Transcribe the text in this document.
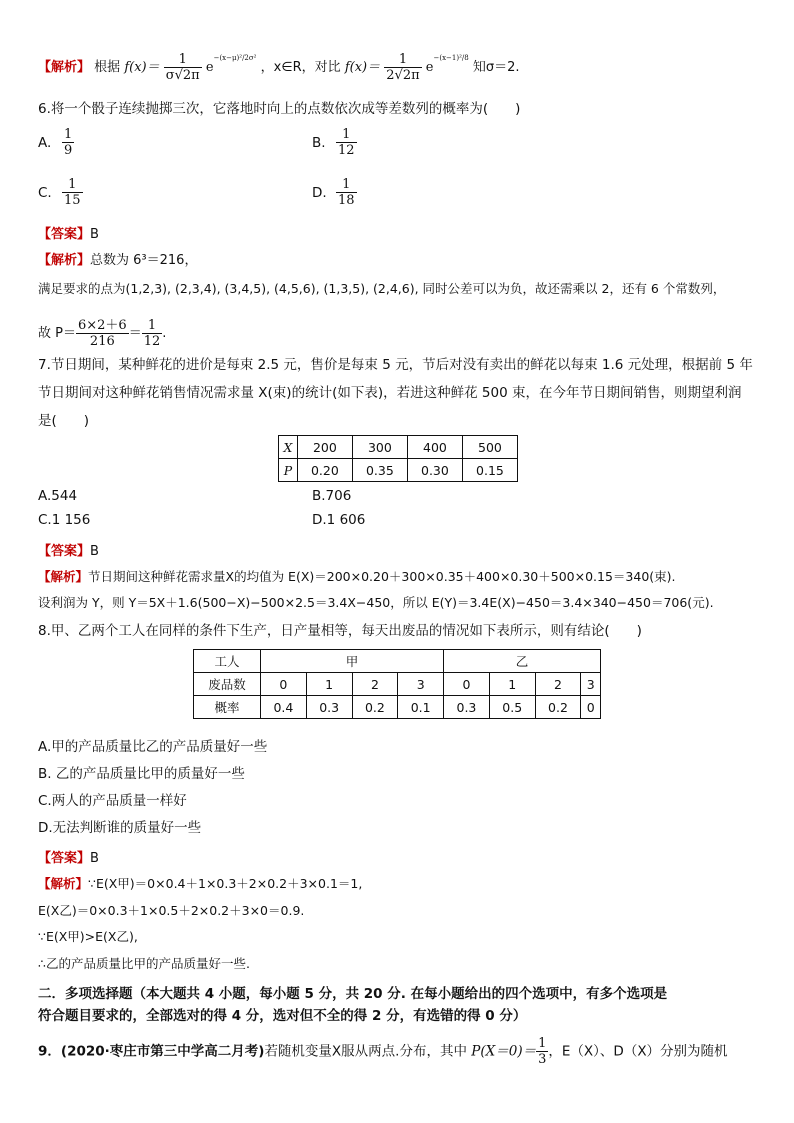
【解析】 根据 $f(x)= \frac{1}{\sigma√2\pi} e^{-(x-\mu)^2/2\sigma^2}$ ，x∈R，对比 $f(x)= \frac{1}{2√2\pi} e^{-(x-1)^2/8}$ 知σ＝2.
6.将一个骰子连续抛掷三次，它落地时向上的点数依次成等差数列的概率为(　　)
A. $\frac{1}{9}$	B. $\frac{1}{12}$
C. $\frac{1}{15}$	D. $\frac{1}{18}$
【答案】B
【解析】总数为 6³＝216，
满足要求的点为(1,2,3), (2,3,4), (3,4,5), (4,5,6), (1,3,5), (2,4,6), 同时公差可以为负，故还需乘以 2，还有 6 个常数列，
故 $P= \frac{6\times 2+6}{216} = \frac{1}{12}$ .
7.节日期间，某种鲜花的进价是每束 2.5 元，售价是每束 5 元，节后对没有卖出的鲜花以每束 1.6 元处理，根据前 5 年
节日期间对这种鲜花销售情况需求量 X(束)的统计(如下表)，若进这种鲜花 500 束，在今年节日期间销售，则期望利润
是(　　)
X	200	300	400	500
P	0.20	0.35	0.30	0.15
A.544	B.706
C.1 156	D.1 606
【答案】B
【解析】节日期间这种鲜花需求量X的均值为 E(X)＝200×0.20＋300×0.35＋400×0.30＋500×0.15＝340(束).
设利润为 Y，则 Y＝5X＋1.6(500−X)−500×2.5＝3.4X−450，所以 E(Y)＝3.4E(X)−450＝3.4×340−450＝706(元).
8.甲、乙两个工人在同样的条件下生产，日产量相等，每天出废品的情况如下表所示，则有结论(　　)
工人	甲				乙			
废品数	0	1	2	3	0	1	2	3
概率	0.4	0.3	0.2	0.1	0.3	0.5	0.2	0
A.甲的产品质量比乙的产品质量好一些
B. 乙的产品质量比甲的质量好一些
C.两人的产品质量一样好
D.无法判断谁的质量好一些
【答案】B
【解析】∵E(X甲)＝0×0.4＋1×0.3＋2×0.2＋3×0.1＝1,
E(X乙)＝0×0.3＋1×0.5＋2×0.2＋3×0＝0.9.
∵E(X甲)>E(X乙),
∴乙的产品质量比甲的产品质量好一些.
二．多项选择题（本大题共 4 小题，每小题 5 分，共 20 分. 在每小题给出的四个选项中，有多个选项是
符合题目要求的，全部选对的得 4 分，选对但不全的得 2 分，有选错的得 0 分）
9．(2020·枣庄市第三中学高二月考)若随机变量X服从两点.分布，其中 $P(X=0)= \frac{1}{3}$ ，E（X）、D（X）分别为随机
